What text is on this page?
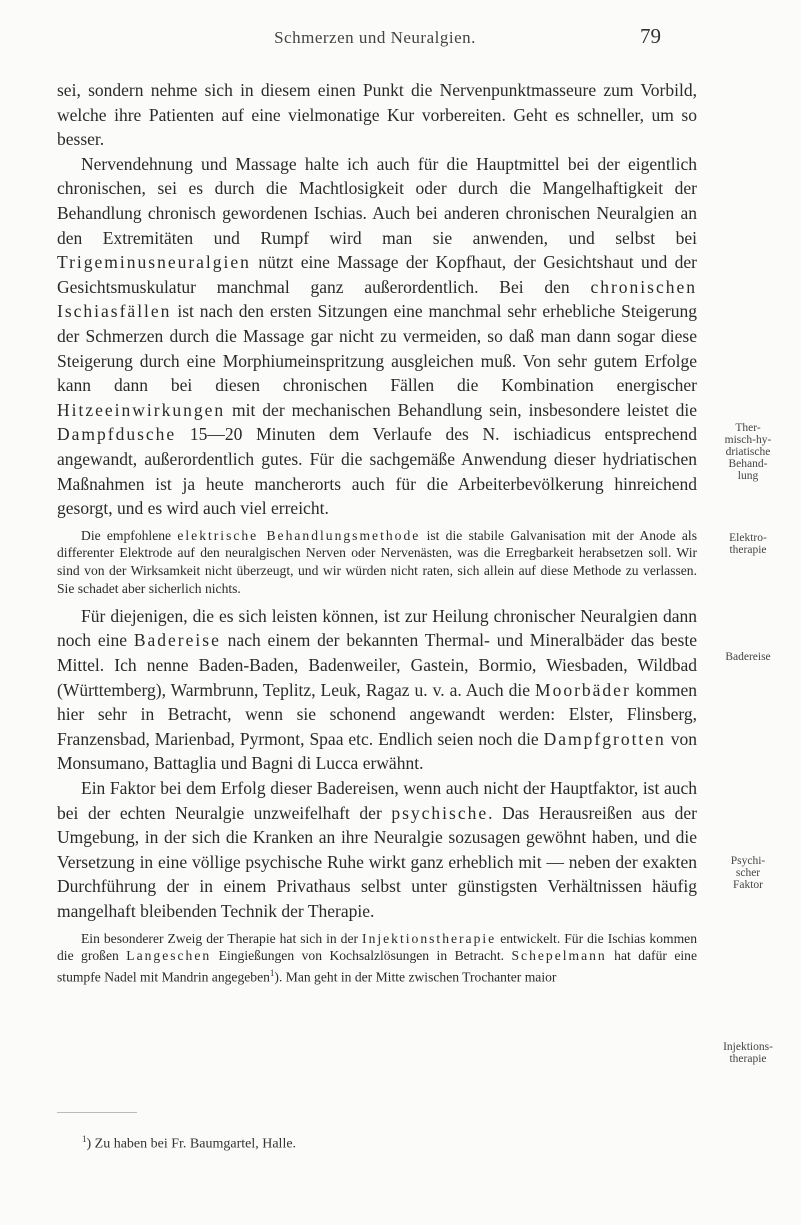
Schmerzen und Neuralgien.	79

sei, sondern nehme sich in diesem einen Punkt die Nervenpunktmasseure zum Vorbild, welche ihre Patienten auf eine vielmonatige Kur vorbereiten. Geht es schneller, um so besser.

Nervendehnung und Massage halte ich auch für die Hauptmittel bei der eigentlich chronischen, sei es durch die Machtlosigkeit oder durch die Mangelhaftigkeit der Behandlung chronisch gewordenen Ischias. Auch bei anderen chronischen Neuralgien an den Extremitäten und Rumpf wird man sie anwenden, und selbst bei Trigeminusneuralgien nützt eine Massage der Kopfhaut, der Gesichtshaut und der Gesichtsmuskulatur manchmal ganz außerordentlich. Bei den chronischen Ischiasfällen ist nach den ersten Sitzungen eine manchmal sehr erhebliche Steigerung der Schmerzen durch die Massage gar nicht zu vermeiden, so daß man dann sogar diese Steigerung durch eine Morphiumeinspritzung ausgleichen muß. Von sehr gutem Erfolge kann dann bei diesen chronischen Fällen die Kombination energischer Hitzeeinwirkungen mit der mechanischen Behandlung sein, insbesondere leistet die Dampfdusche 15—20 Minuten dem Verlaufe des N. ischiadicus entsprechend angewandt, außerordentlich gutes. Für die sachgemäße Anwendung dieser hydriatischen Maßnahmen ist ja heute mancherorts auch für die Arbeiterbevölkerung hinreichend gesorgt, und es wird auch viel erreicht.

Die empfohlene elektrische Behandlungsmethode ist die stabile Galvanisation mit der Anode als differenter Elektrode auf den neuralgischen Nerven oder Nervenästen, was die Erregbarkeit herabsetzen soll. Wir sind von der Wirksamkeit nicht überzeugt, und wir würden nicht raten, sich allein auf diese Methode zu verlassen. Sie schadet aber sicherlich nichts.

Für diejenigen, die es sich leisten können, ist zur Heilung chronischer Neuralgien dann noch eine Badereise nach einem der bekannten Thermal- und Mineralbäder das beste Mittel. Ich nenne Baden-Baden, Badenweiler, Gastein, Bormio, Wiesbaden, Wildbad (Württemberg), Warmbrunn, Teplitz, Leuk, Ragaz u. v. a. Auch die Moorbäder kommen hier sehr in Betracht, wenn sie schonend angewandt werden: Elster, Flinsberg, Franzensbad, Marienbad, Pyrmont, Spaa etc. Endlich seien noch die Dampfgrotten von Monsumano, Battaglia und Bagni di Lucca erwähnt.

Ein Faktor bei dem Erfolg dieser Badereisen, wenn auch nicht der Hauptfaktor, ist auch bei der echten Neuralgie unzweifelhaft der psychische. Das Herausreißen aus der Umgebung, in der sich die Kranken an ihre Neuralgie sozusagen gewöhnt haben, und die Versetzung in eine völlige psychische Ruhe wirkt ganz erheblich mit — neben der exakten Durchführung der in einem Privathaus selbst unter günstigsten Verhältnissen häufig mangelhaft bleibenden Technik der Therapie.

Ein besonderer Zweig der Therapie hat sich in der Injektionstherapie entwickelt. Für die Ischias kommen die großen Langeschen Eingießungen von Kochsalzlösungen in Betracht. Schepelmann hat dafür eine stumpfe Nadel mit Mandrin angegeben$^1$). Man geht in der Mitte zwischen Trochanter maior

Ther-
misch-hy-
driatische
Behand-
lung
Elektro-
therapie
Badereise
Psychi-
scher
Faktor
Injektions-
therapie
$^1$) Zu haben bei Fr. Baumgartel, Halle.
